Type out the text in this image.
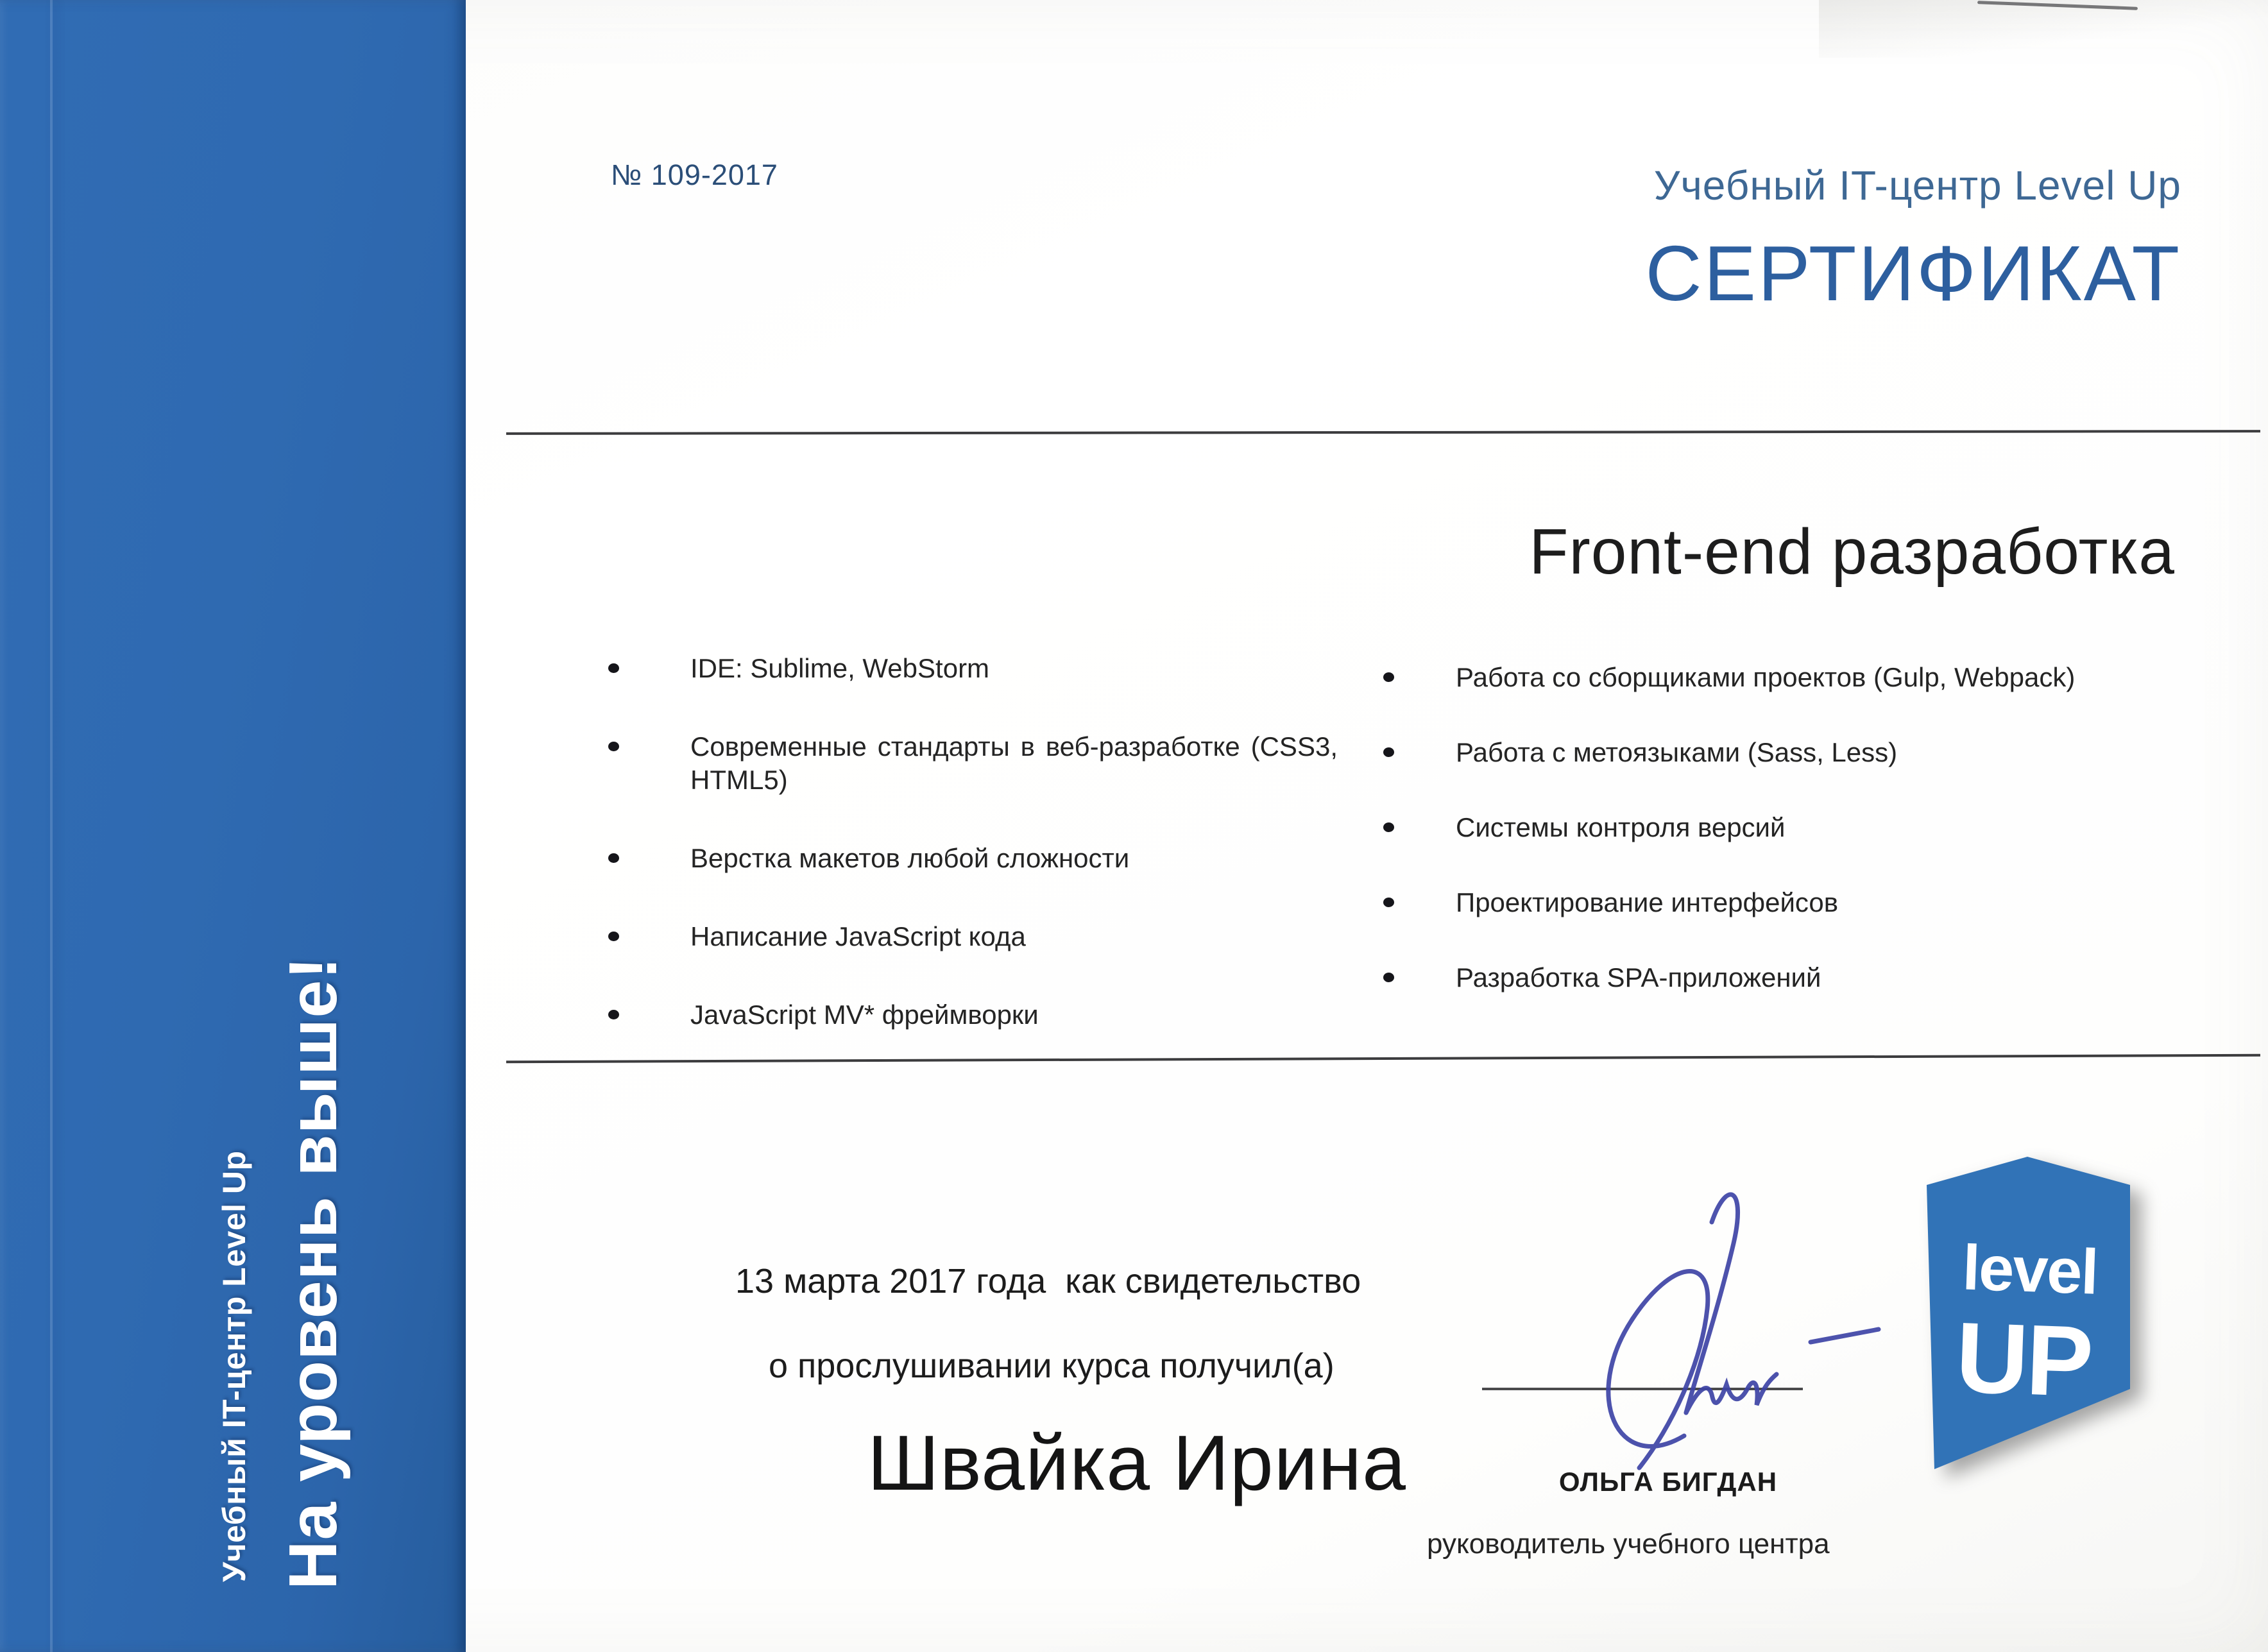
Учебный IT-центр Level Up На уровень выше!
№ 109-2017	Учебный IT-центр Level Up
СЕРТИФИКАТ
Front-end разработка
IDE: Sublime, WebStorm
Современные стандарты в веб-разработке (CSS3, HTML5)
Верстка макетов любой сложности
Написание JavaScript кода
JavaScript MV* фреймворки
Работа со сборщиками проектов (Gulp, Webpack)
Работа с метоязыками (Sass, Less)
Системы контроля версий
Проектирование интерфейсов
Разработка SPA-приложений
13 марта 2017 года  как свидетельство
о прослушивании курса получил(а)
Швайка Ирина	ОЛЬГА БИГДАН
руководитель учебного центра
level
UP
